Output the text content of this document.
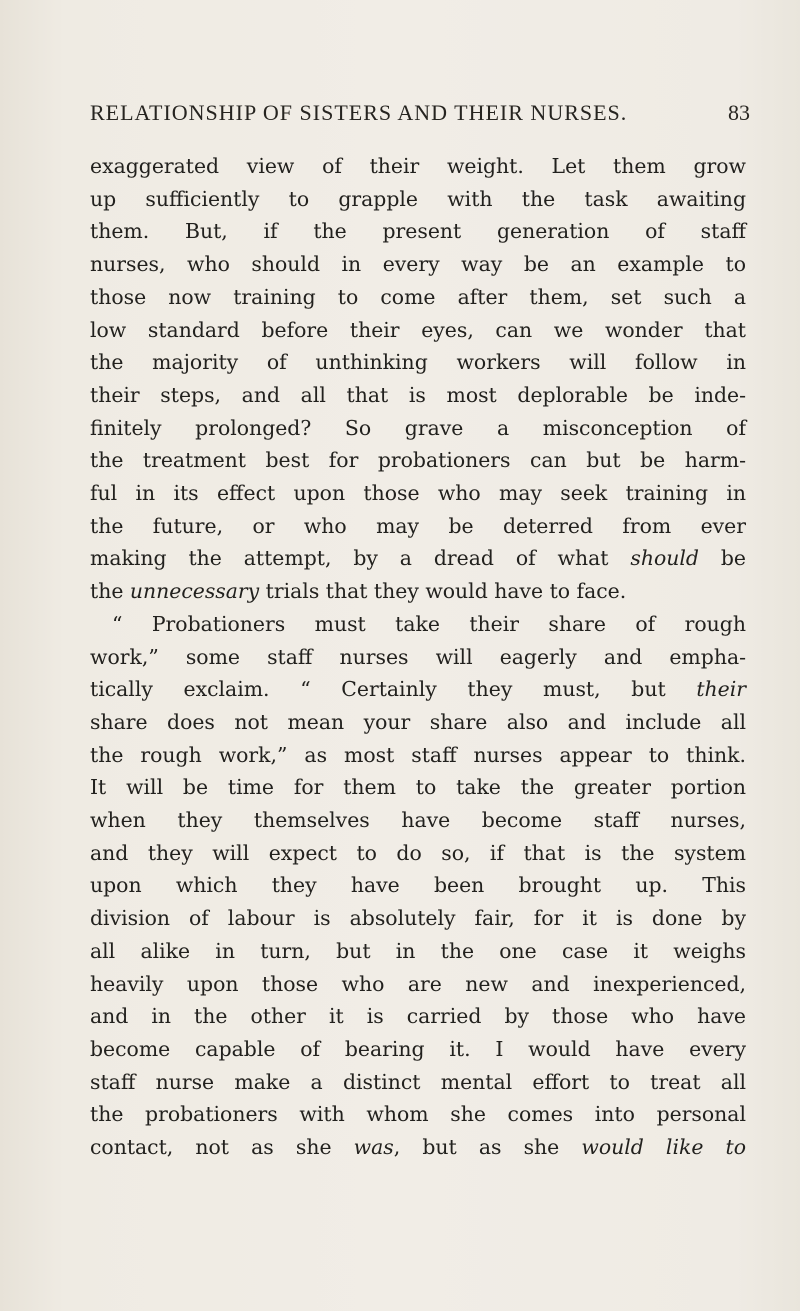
RELATIONSHIP OF SISTERS AND THEIR NURSES.	83
exaggerated view of their weight. Let them grow
up sufficiently to grapple with the task awaiting
them. But, if the present generation of staff
nurses, who should in every way be an example to
those now training to come after them, set such a
low standard before their eyes, can we wonder that
the majority of unthinking workers will follow in
their steps, and all that is most deplorable be inde-
finitely prolonged? So grave a misconception of
the treatment best for probationers can but be harm-
ful in its effect upon those who may seek training in
the future, or who may be deterred from ever
making the attempt, by a dread of what should be
the unnecessary trials that they would have to face.
“ Probationers must take their share of rough
work,” some staff nurses will eagerly and empha-
tically exclaim. “ Certainly they must, but their
share does not mean your share also and include all
the rough work,” as most staff nurses appear to think.
It will be time for them to take the greater portion
when they themselves have become staff nurses,
and they will expect to do so, if that is the system
upon which they have been brought up. This
division of labour is absolutely fair, for it is done by
all alike in turn, but in the one case it weighs
heavily upon those who are new and inexperienced,
and in the other it is carried by those who have
become capable of bearing it. I would have every
staff nurse make a distinct mental effort to treat all
the probationers with whom she comes into personal
contact, not as she was, but as she would like to
